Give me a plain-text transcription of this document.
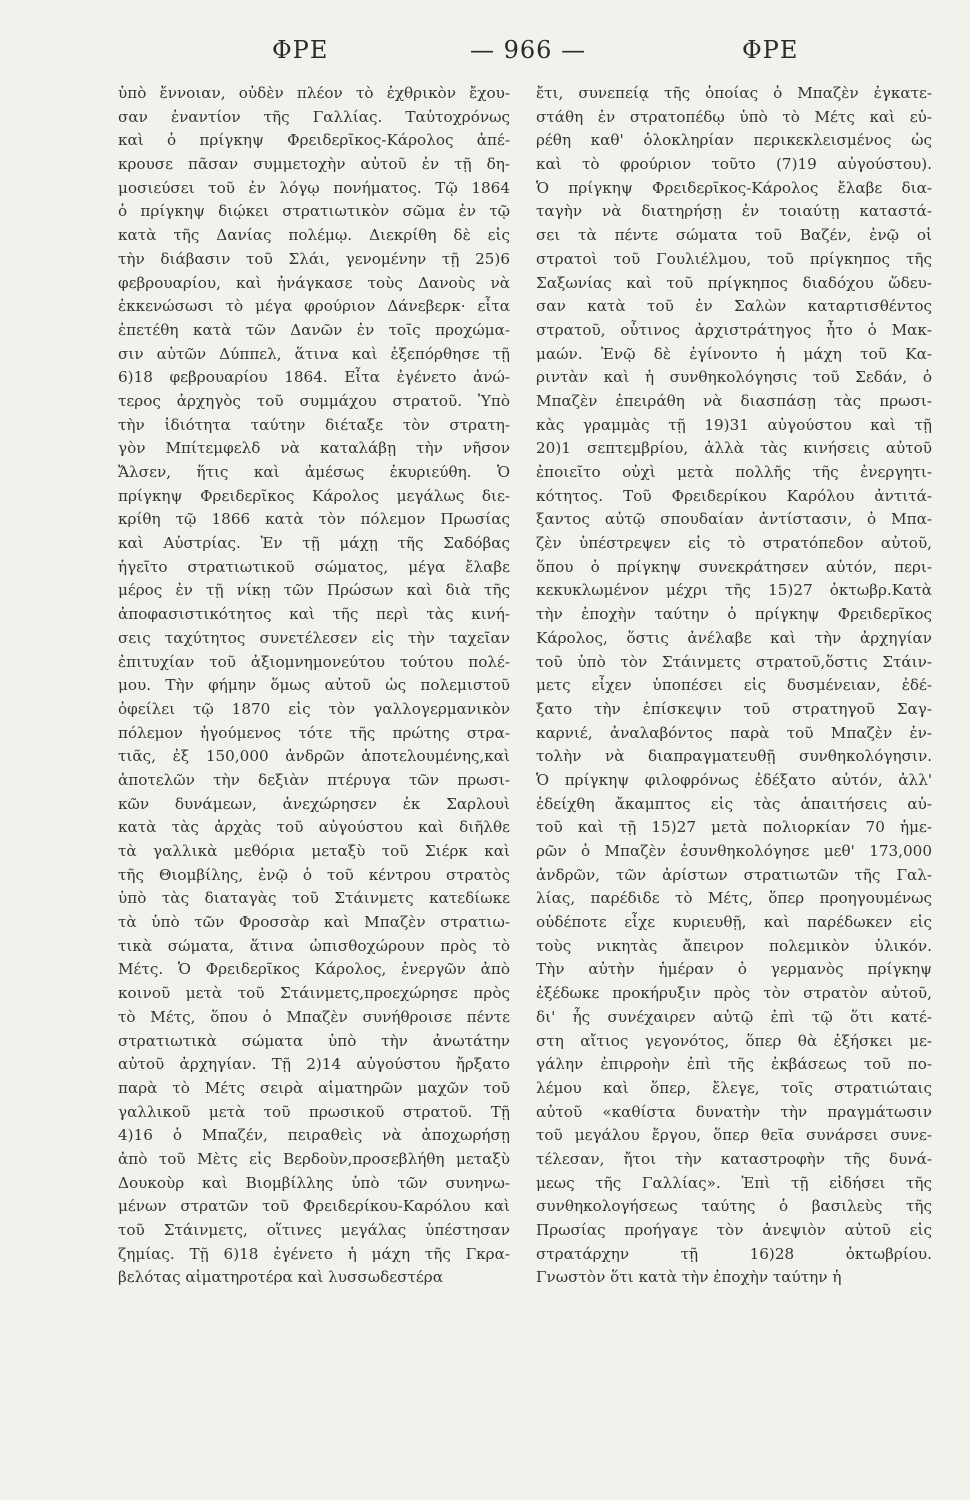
ΦΡΕ	— 966 —	ΦΡΕ
ὑπὸ ἔννοιαν, οὐδὲν πλέον τὸ ἐχθρικὸν ἔχου-
σαν ἐναντίον τῆς Γαλλίας. Ταὐτοχρόνως
καὶ ὁ πρίγκηψ Φρειδερῖκος-Κάρολος ἀπέ-
κρουσε πᾶσαν συμμετοχὴν αὐτοῦ ἐν τῇ δη-
μοσιεύσει τοῦ ἐν λόγῳ πονήματος. Τῷ 1864
ὁ πρίγκηψ διῴκει στρατιωτικὸν σῶμα ἐν τῷ
κατὰ τῆς Δανίας πολέμῳ. Διεκρίθη δὲ εἰς
τὴν διάβασιν τοῦ Σλάι, γενομένην τῇ 25)6
φεβρουαρίου, καὶ ἠνάγκασε τοὺς Δανοὺς νὰ
ἐκκενώσωσι τὸ μέγα φρούριον Δάνεβερκ· εἶτα
ἐπετέθη κατὰ τῶν Δανῶν ἐν τοῖς προχώμα-
σιν αὐτῶν Δύππελ, ἅτινα καὶ ἐξεπόρθησε τῇ
6)18 φεβρουαρίου 1864. Εἶτα ἐγένετο ἀνώ-
τερος ἀρχηγὸς τοῦ συμμάχου στρατοῦ. Ὑπὸ
τὴν ἰδιότητα ταύτην διέταξε τὸν στρατη-
γὸν Μπίτεμφελδ νὰ καταλάβῃ τὴν νῆσον
Ἄλσεν, ἥτις καὶ ἀμέσως ἐκυριεύθη. Ὁ
πρίγκηψ Φρειδερῖκος Κάρολος μεγάλως διε-
κρίθη τῷ 1866 κατὰ τὸν πόλεμον Πρωσίας
καὶ Αὐστρίας. Ἐν τῇ μάχῃ τῆς Σαδόβας
ἡγεῖτο στρατιωτικοῦ σώματος, μέγα ἔλαβε
μέρος ἐν τῇ νίκῃ τῶν Πρώσων καὶ διὰ τῆς
ἀποφασιστικότητος καὶ τῆς περὶ τὰς κινή-
σεις ταχύτητος συνετέλεσεν εἰς τὴν ταχεῖαν
ἐπιτυχίαν τοῦ ἀξιομνημονεύτου τούτου πολέ-
μου. Τὴν φήμην ὅμως αὐτοῦ ὡς πολεμιστοῦ
ὀφείλει τῷ 1870 εἰς τὸν γαλλογερμανικὸν
πόλεμον ἡγούμενος τότε τῆς πρώτης στρα-
τιᾶς, ἐξ 150,000 ἀνδρῶν ἀποτελουμένης,καὶ
ἀποτελῶν τὴν δεξιὰν πτέρυγα τῶν πρωσι-
κῶν δυνάμεων, ἀνεχώρησεν ἐκ Σαρλουὶ
κατὰ τὰς ἀρχὰς τοῦ αὐγούστου καὶ διῆλθε
τὰ γαλλικὰ μεθόρια μεταξὺ τοῦ Σιέρκ καὶ
τῆς Θιομβίλης, ἐνῷ ὁ τοῦ κέντρου στρατὸς
ὑπὸ τὰς διαταγὰς τοῦ Στάινμετς κατεδίωκε
τὰ ὑπὸ τῶν Φροσσὰρ καὶ Μπαζὲν στρατιω-
τικὰ σώματα, ἅτινα ὠπισθοχώρουν πρὸς τὸ
Μέτς. Ὁ Φρειδερῖκος Κάρολος, ἐνεργῶν ἀπὸ
κοινοῦ μετὰ τοῦ Στάινμετς,προεχώρησε πρὸς
τὸ Μέτς, ὅπου ὁ Μπαζὲν συνήθροισε πέντε
στρατιωτικὰ σώματα ὑπὸ τὴν ἀνωτάτην
αὐτοῦ ἀρχηγίαν. Τῇ 2)14 αὐγούστου ἤρξατο
παρὰ τὸ Μέτς σειρὰ αἱματηρῶν μαχῶν τοῦ
γαλλικοῦ μετὰ τοῦ πρωσικοῦ στρατοῦ. Τῇ
4)16 ὁ Μπαζέν, πειραθεὶς νὰ ἀποχωρήσῃ
ἀπὸ τοῦ Μὲτς εἰς Βερδοὺν,προσεβλήθη μεταξὺ
Δουκοὺρ καὶ Βιομβίλλης ὑπὸ τῶν συνηνω-
μένων στρατῶν τοῦ Φρειδερίκου-Καρόλου καὶ
τοῦ Στάινμετς, οἵτινες μεγάλας ὑπέστησαν
ζημίας. Τῇ 6)18 ἐγένετο ἡ μάχη τῆς Γκρα-
βελότας αἱματηροτέρα καὶ λυσσωδεστέρα
ἔτι, συνεπείᾳ τῆς ὁποίας ὁ Μπαζὲν ἐγκατε-
στάθη ἐν στρατοπέδῳ ὑπὸ τὸ Μέτς καὶ εὑ-
ρέθη καθ' ὁλοκληρίαν περικεκλεισμένος ὡς
καὶ τὸ φρούριον τοῦτο (7)19 αὐγούστου).
Ὁ πρίγκηψ Φρειδερῖκος-Κάρολος ἔλαβε δια-
ταγὴν νὰ διατηρήσῃ ἐν τοιαύτῃ καταστά-
σει τὰ πέντε σώματα τοῦ Βαζέν, ἐνῷ οἱ
στρατοὶ τοῦ Γουλιέλμου, τοῦ πρίγκηπος τῆς
Σαξωνίας καὶ τοῦ πρίγκηπος διαδόχου ὥδευ-
σαν κατὰ τοῦ ἐν Σαλὼν καταρτισθέντος
στρατοῦ, οὗτινος ἀρχιστράτηγος ἦτο ὁ Μακ-
μαών. Ἐνῷ δὲ ἐγίνοντο ἡ μάχη τοῦ Κα-
ριντὰν καὶ ἡ συνθηκολόγησις τοῦ Σεδάν, ὁ
Μπαζὲν ἐπειράθη νὰ διασπάσῃ τὰς πρωσι-
κὰς γραμμὰς τῇ 19)31 αὐγούστου καὶ τῇ
20)1 σεπτεμβρίου, ἀλλὰ τὰς κινήσεις αὐτοῦ
ἐποιεῖτο οὐχὶ μετὰ πολλῆς τῆς ἐνεργητι-
κότητος. Τοῦ Φρειδερίκου Καρόλου ἀντιτά-
ξαντος αὐτῷ σπουδαίαν ἀντίστασιν, ὁ Μπα-
ζὲν ὑπέστρεψεν εἰς τὸ στρατόπεδον αὐτοῦ,
ὅπου ὁ πρίγκηψ συνεκράτησεν αὐτόν, περι-
κεκυκλωμένον μέχρι τῆς 15)27 ὀκτωβρ.Κατὰ
τὴν ἐποχὴν ταύτην ὁ πρίγκηψ Φρειδερῖκος
Κάρολος, ὅστις ἀνέλαβε καὶ τὴν ἀρχηγίαν
τοῦ ὑπὸ τὸν Στάινμετς στρατοῦ,ὅστις Στάιν-
μετς εἶχεν ὑποπέσει εἰς δυσμένειαν, ἐδέ-
ξατο τὴν ἐπίσκεψιν τοῦ στρατηγοῦ Σαγ-
καρνιέ, ἀναλαβόντος παρὰ τοῦ Μπαζὲν ἐν-
τολὴν νὰ διαπραγματευθῇ συνθηκολόγησιν.
Ὁ πρίγκηψ φιλοφρόνως ἐδέξατο αὐτόν, ἀλλ'
ἐδείχθη ἄκαμπτος εἰς τὰς ἀπαιτήσεις αὐ-
τοῦ καὶ τῇ 15)27 μετὰ πολιορκίαν 70 ἡμε-
ρῶν ὁ Μπαζὲν ἐσυνθηκολόγησε μεθ' 173,000
ἀνδρῶν, τῶν ἀρίστων στρατιωτῶν τῆς Γαλ-
λίας, παρέδιδε τὸ Μέτς, ὅπερ προηγουμένως
οὐδέποτε εἶχε κυριευθῇ, καὶ παρέδωκεν εἰς
τοὺς νικητὰς ἄπειρον πολεμικὸν ὑλικόν.
Τὴν αὐτὴν ἡμέραν ὁ γερμανὸς πρίγκηψ
ἐξέδωκε προκήρυξιν πρὸς τὸν στρατὸν αὐτοῦ,
δι' ἧς συνέχαιρεν αὐτῷ ἐπὶ τῷ ὅτι κατέ-
στη αἴτιος γεγονότος, ὅπερ θὰ ἐξήσκει με-
γάλην ἐπιρροὴν ἐπὶ τῆς ἐκβάσεως τοῦ πο-
λέμου καὶ ὅπερ, ἔλεγε, τοῖς στρατιώταις
αὐτοῦ «καθίστα δυνατὴν τὴν πραγμάτωσιν
τοῦ μεγάλου ἔργου, ὅπερ θεῖα συνάρσει συνε-
τέλεσαν, ἤτοι τὴν καταστροφὴν τῆς δυνά-
μεως τῆς Γαλλίας». Ἐπὶ τῇ εἰδήσει τῆς
συνθηκολογήσεως ταύτης ὁ βασιλεὺς τῆς
Πρωσίας προήγαγε τὸν ἀνεψιὸν αὐτοῦ εἰς
στρατάρχην τῇ 16)28 ὀκτωβρίου.
Γνωστὸν ὅτι κατὰ τὴν ἐποχὴν ταύτην ἡ
